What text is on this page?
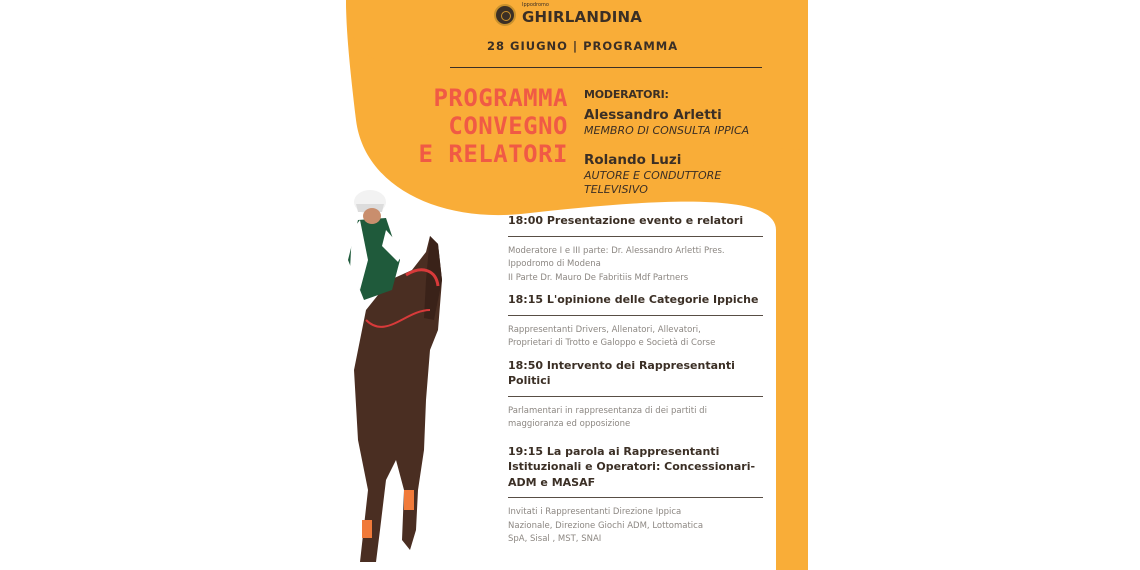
Ippodromo
GHIRLANDINA
28 GIUGNO | PROGRAMMA
PROGRAMMA
CONVEGNO
E RELATORI
MODERATORI:
Alessandro Arletti
MEMBRO DI CONSULTA IPPICA
Rolando Luzi
AUTORE E CONDUTTORE
TELEVISIVO
18:00 Presentazione evento e relatori
Moderatore I e III parte: Dr. Alessandro Arletti Pres.
Ippodromo di Modena
II Parte Dr. Mauro De Fabritiis Mdf Partners
18:15 L'opinione delle Categorie Ippiche
Rappresentanti Drivers, Allenatori, Allevatori,
Proprietari di Trotto e Galoppo e Società di Corse
18:50 Intervento dei Rappresentanti
Politici
Parlamentari in rappresentanza di dei partiti di
maggioranza ed opposizione
19:15 La parola ai Rappresentanti
Istituzionali e Operatori: Concessionari-
ADM e MASAF
Invitati i Rappresentanti Direzione Ippica
Nazionale, Direzione Giochi ADM, Lottomatica
SpA, Sisal , MST, SNAI
